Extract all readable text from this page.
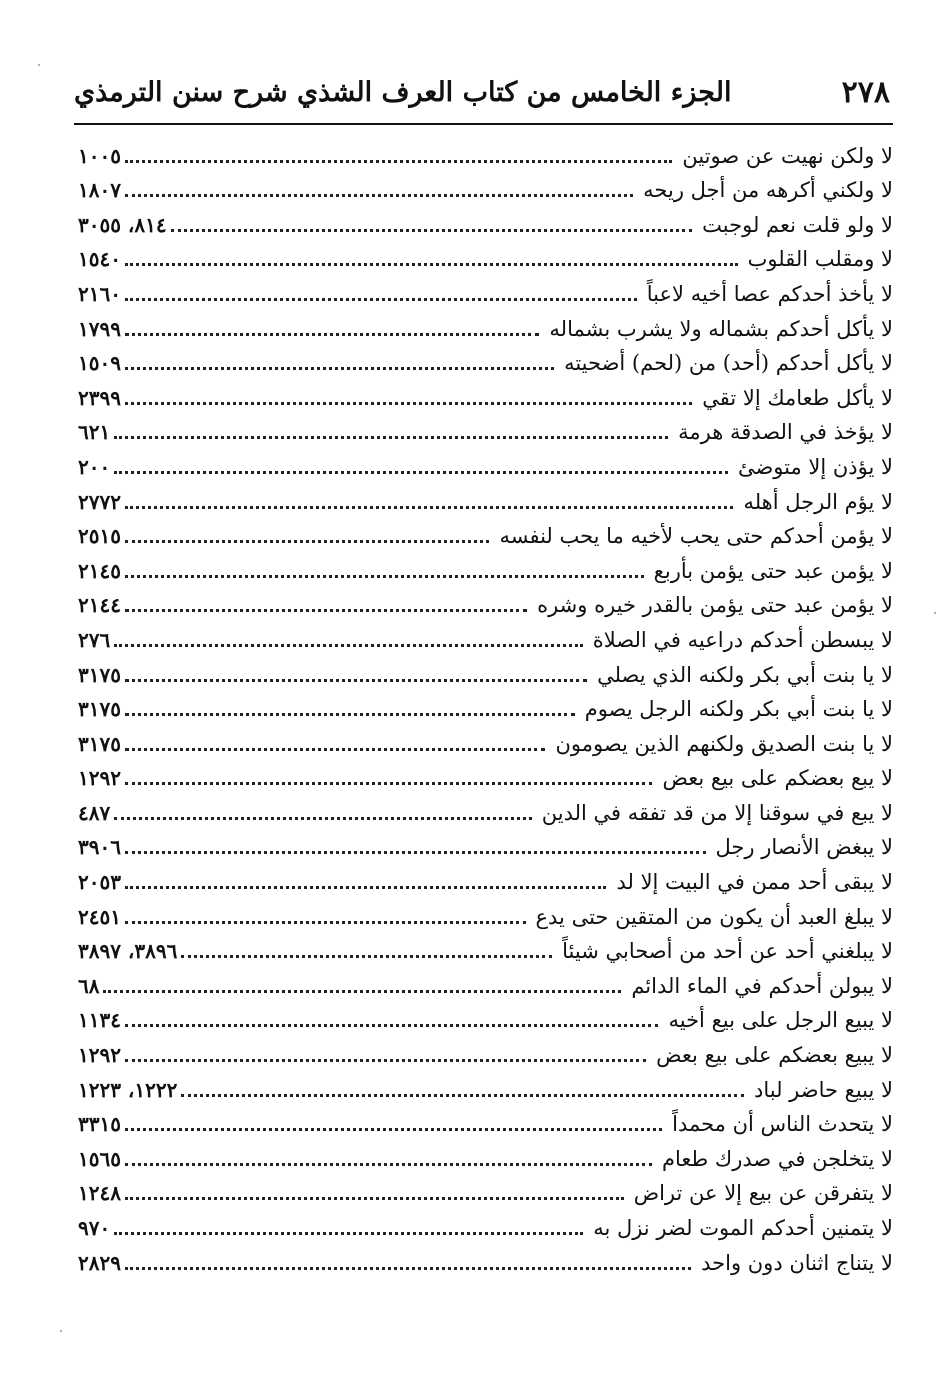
٢٧٨
الجزء الخامس من كتاب العرف الشذي شرح سنن الترمذي
لا ولكن نهيت عن صوتين
١٠٠٥
لا ولكني أكرهه من أجل ريحه
١٨٠٧
لا ولو قلت نعم لوجبت
٨١٤، ٣٠٥٥
لا ومقلب القلوب
١٥٤٠
لا يأخذ أحدكم عصا أخيه لاعباً
٢١٦٠
لا يأكل أحدكم بشماله ولا يشرب بشماله
١٧٩٩
لا يأكل أحدكم (أحد) من (لحم) أضحيته
١٥٠٩
لا يأكل طعامك إلا تقي
٢٣٩٩
لا يؤخذ في الصدقة هرمة
٦٢١
لا يؤذن إلا متوضئ
٢٠٠
لا يؤم الرجل أهله
٢٧٧٢
لا يؤمن أحدكم حتى يحب لأخيه ما يحب لنفسه
٢٥١٥
لا يؤمن عبد حتى يؤمن بأربع
٢١٤٥
لا يؤمن عبد حتى يؤمن بالقدر خيره وشره
٢١٤٤
لا يبسطن أحدكم دراعيه في الصلاة
٢٧٦
لا يا بنت أبي بكر ولكنه الذي يصلي
٣١٧٥
لا يا بنت أبي بكر ولكنه الرجل يصوم
٣١٧٥
لا يا بنت الصديق ولكنهم الذين يصومون
٣١٧٥
لا يبع بعضكم على بيع بعض
١٢٩٢
لا يبع في سوقنا إلا من قد تفقه في الدين
٤٨٧
لا يبغض الأنصار رجل
٣٩٠٦
لا يبقى أحد ممن في البيت إلا لد
٢٠٥٣
لا يبلغ العبد أن يكون من المتقين حتى يدع
٢٤٥١
لا يبلغني أحد عن أحد من أصحابي شيئاً
٣٨٩٦، ٣٨٩٧
لا يبولن أحدكم في الماء الدائم
٦٨
لا يبيع الرجل على بيع أخيه
١١٣٤
لا يبيع بعضكم على بيع بعض
١٢٩٢
لا يبيع حاضر لباد
١٢٢٢، ١٢٢٣
لا يتحدث الناس أن محمداً
٣٣١٥
لا يتخلجن في صدرك طعام
١٥٦٥
لا يتفرقن عن بيع إلا عن تراض
١٢٤٨
لا يتمنين أحدكم الموت لضر نزل به
٩٧٠
لا يتناج اثنان دون واحد
٢٨٢٩
